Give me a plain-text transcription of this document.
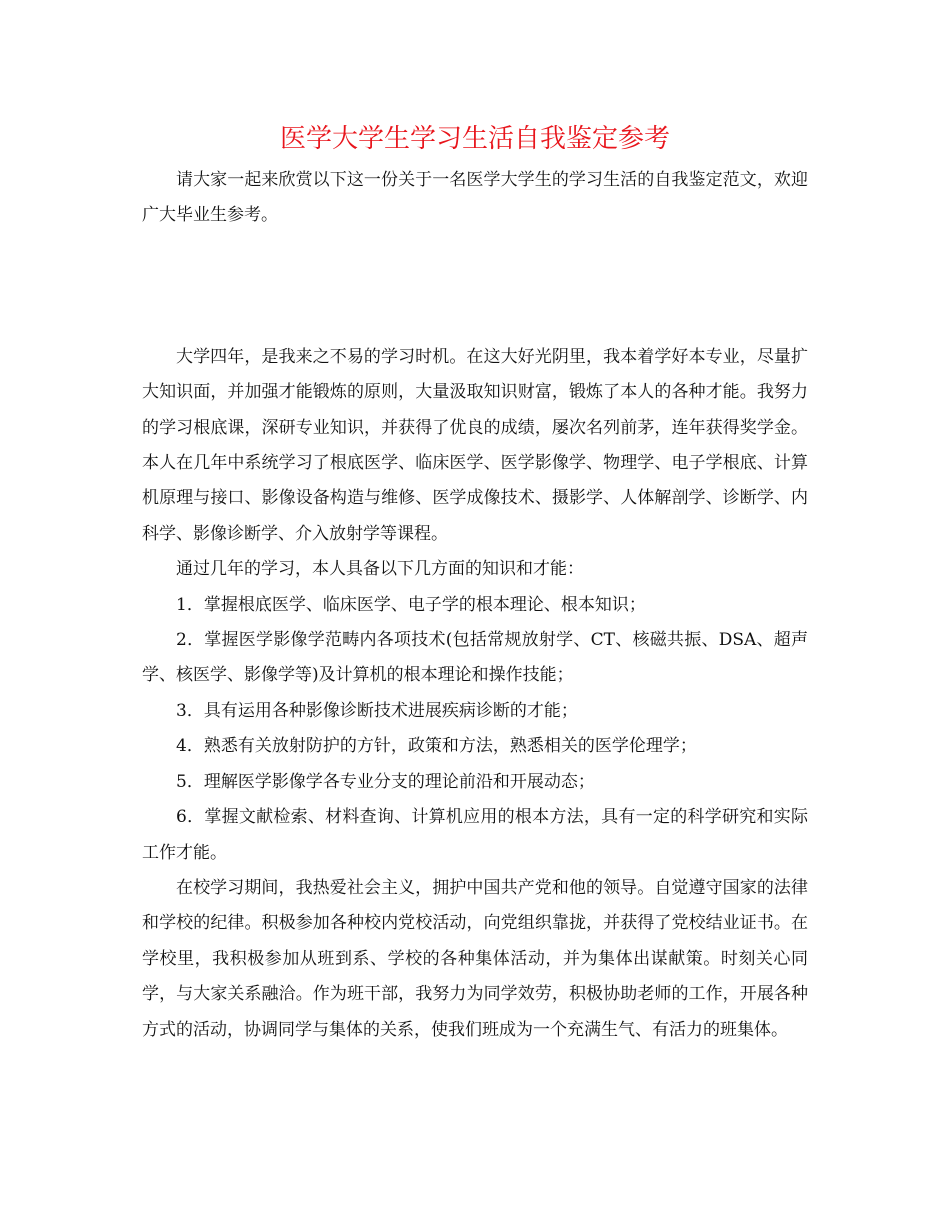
医学大学生学习生活自我鉴定参考

请大家一起来欣赏以下这一份关于一名医学大学生的学习生活的自我鉴定范文，欢迎广大毕业生参考。

大学四年，是我来之不易的学习时机。在这大好光阴里，我本着学好本专业，尽量扩大知识面，并加强才能锻炼的原则，大量汲取知识财富，锻炼了本人的各种才能。我努力的学习根底课，深研专业知识，并获得了优良的成绩，屡次名列前茅，连年获得奖学金。本人在几年中系统学习了根底医学、临床医学、医学影像学、物理学、电子学根底、计算机原理与接口、影像设备构造与维修、医学成像技术、摄影学、人体解剖学、诊断学、内科学、影像诊断学、介入放射学等课程。

通过几年的学习，本人具备以下几方面的知识和才能：

1．掌握根底医学、临床医学、电子学的根本理论、根本知识；

2．掌握医学影像学范畴内各项技术(包括常规放射学、CT、核磁共振、DSA、超声学、核医学、影像学等)及计算机的根本理论和操作技能；

3．具有运用各种影像诊断技术进展疾病诊断的才能；

4．熟悉有关放射防护的方针，政策和方法，熟悉相关的医学伦理学；

5．理解医学影像学各专业分支的理论前沿和开展动态；

6．掌握文献检索、材料查询、计算机应用的根本方法，具有一定的科学研究和实际工作才能。

在校学习期间，我热爱社会主义，拥护中国共产党和他的领导。自觉遵守国家的法律和学校的纪律。积极参加各种校内党校活动，向党组织靠拢，并获得了党校结业证书。在学校里，我积极参加从班到系、学校的各种集体活动，并为集体出谋献策。时刻关心同学，与大家关系融洽。作为班干部，我努力为同学效劳，积极协助老师的工作，开展各种方式的活动，协调同学与集体的关系，使我们班成为一个充满生气、有活力的班集体。
